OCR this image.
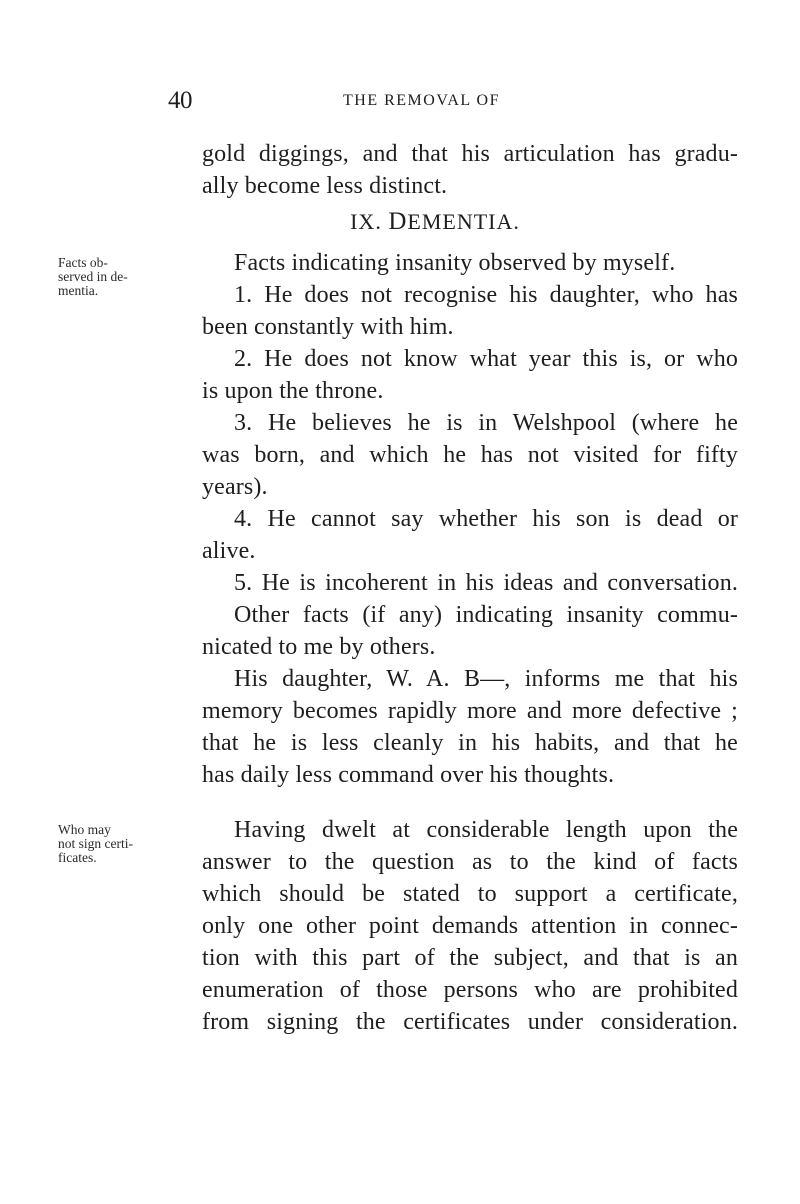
40	THE REMOVAL OF
gold diggings, and that his articulation has gradu-
ally become less distinct.
IX. DEMENTIA.
Facts ob-
served in de-
mentia.
Facts indicating insanity observed by myself.
1. He does not recognise his daughter, who has
been constantly with him.
2. He does not know what year this is, or who
is upon the throne.
3. He believes he is in Welshpool (where he
was born, and which he has not visited for fifty
years).
4. He cannot say whether his son is dead or
alive.
5. He is incoherent in his ideas and conversation.
Other facts (if any) indicating insanity commu-
nicated to me by others.
His daughter, W. A. B—, informs me that his
memory becomes rapidly more and more defective ;
that he is less cleanly in his habits, and that he
has daily less command over his thoughts.
Who may
not sign certi-
ficates.
Having dwelt at considerable length upon the
answer to the question as to the kind of facts
which should be stated to support a certificate,
only one other point demands attention in connec-
tion with this part of the subject, and that is an
enumeration of those persons who are prohibited
from signing the certificates under consideration.
